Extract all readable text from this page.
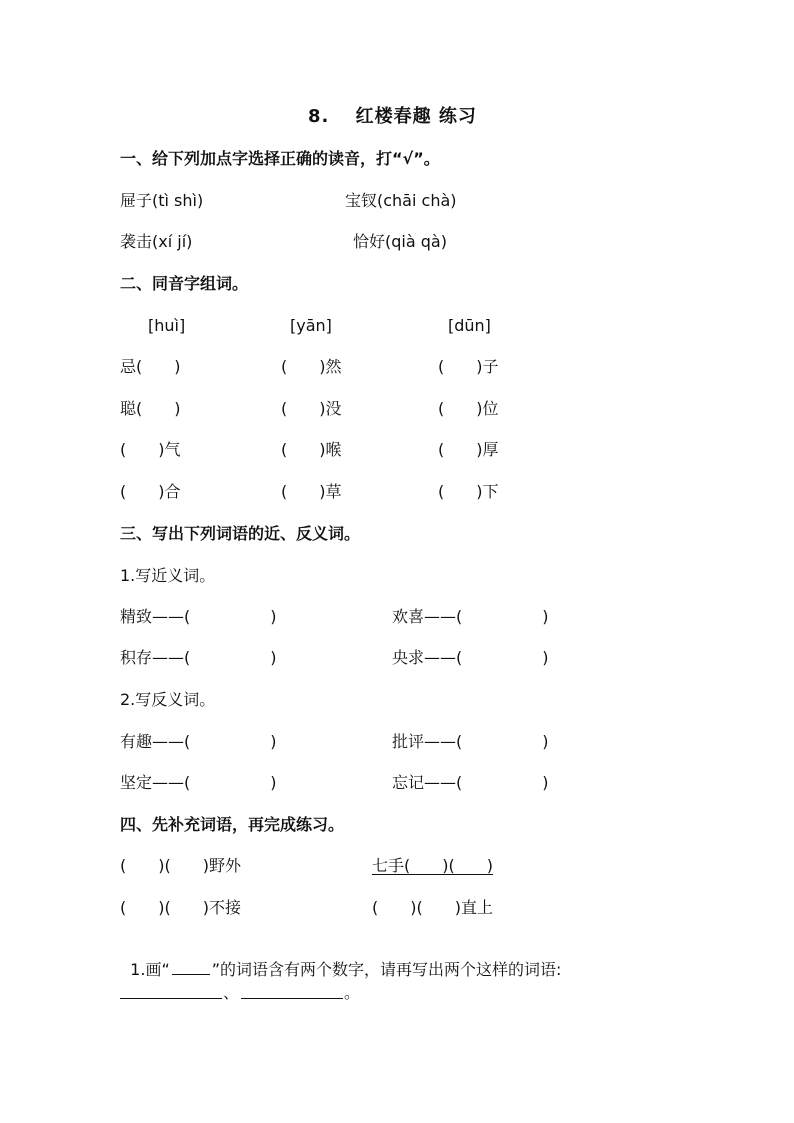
8.　 红楼春趣 练习
一、给下列加点字选择正确的读音，打“√”。
屉子(tì shì)	宝钗(chāi chà)
袭击(xí jí)	恰好(qià qà)
二、同音字组词。
[huì]	[yān]	[dūn]
忌(　　)	(　　)然	(　　)子
聪(　　)	(　　)没	(　　)位
(　　)气	(　　)喉	(　　)厚
(　　)合	(　　)草	(　　)下
三、写出下列词语的近、反义词。
1.写近义词。
精致——(　　　　　)	欢喜——(　　　　　)
积存——(　　　　　)	央求——(　　　　　)
2.写反义词。
有趣——(　　　　　)	批评——(　　　　　)
坚定——(　　　　　)	忘记——(　　　　　)
四、先补充词语，再完成练习。
(　　)(　　)野外	七手(　　)(　　)
(　　)(　　)不接	(　　)(　　)直上

1.画“	”的词语含有两个数字，请再写出两个这样的词语:

、	。
